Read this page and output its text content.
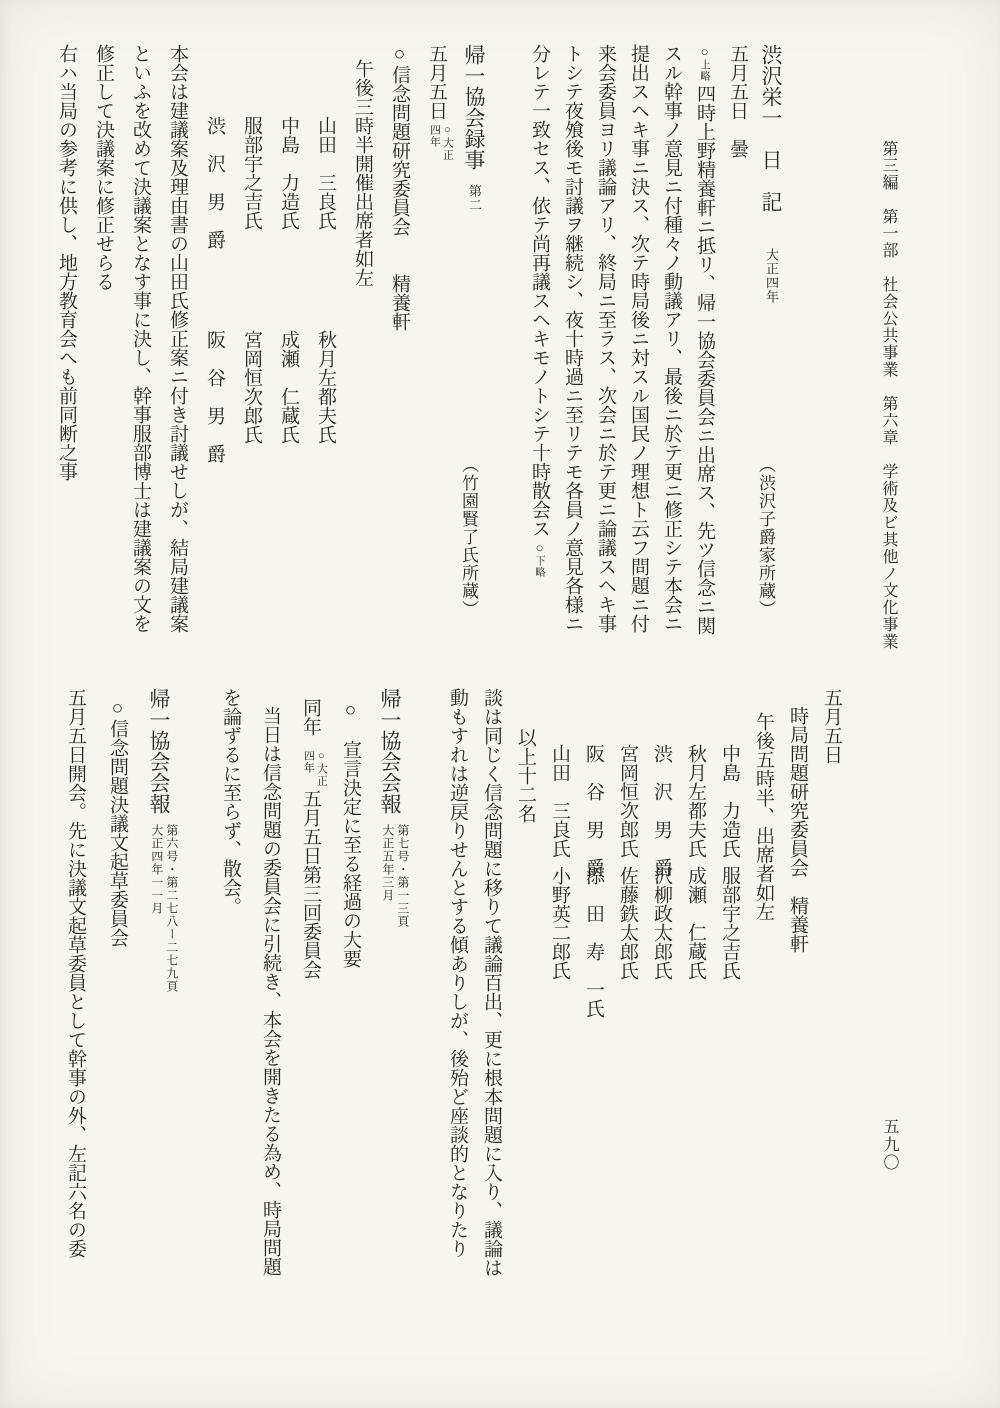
第三編　第一部　社会公共事業　第六章　学術及ビ其他ノ文化事業
五九〇

渋沢栄一　日　記大正四年
（渋沢子爵家所蔵）

五月五日　曇

○上略四時上野精養軒ニ抵リ、帰一協会委員会ニ出席ス、先ツ信念ニ関

スル幹事ノ意見ニ付種々ノ動議アリ、最後ニ於テ更ニ修正シテ本会ニ

提出スヘキ事ニ決ス、次テ時局後ニ対スル国民ノ理想ト云フ問題ニ付

来会委員ヨリ議論アリ、終局ニ至ラス、次会ニ於テ更ニ論議スヘキ事

トシテ夜飧後モ討議ヲ継続シ、夜十時過ニ至リテモ各員ノ意見各様ニ

分レテ一致セス、依テ尚再議スヘキモノトシテ十時散会ス○下略

帰一協会録事第二
（竹園賢了氏所蔵）

五月五日
○大正
四年

○信念問題研究委員会　　精養軒

午後三時半開催出席者如左

山田　三良氏秋月左都夫氏

中島　力造氏成瀬　仁蔵氏

服部宇之吉氏宮岡恒次郎氏

渋　沢　男　爵阪　谷　男　爵

本会は建議案及理由書の山田氏修正案ニ付き討議せしが、結局建議案

といふを改めて決議案となす事に決し、幹事服部博士は建議案の文を

修正して決議案に修正せらる

右ハ当局の参考に供し、地方教育会へも前同断之事

五月五日

時局問題研究委員会　精養軒

午後五時半、出席者如左

中島　力造氏服部宇之吉氏

秋月左都夫氏成瀬　仁蔵氏

渋　沢　男　爵沢柳政太郎氏

宮岡恒次郎氏佐藤鉄太郎氏

阪　谷　男　爵添　田　寿　一氏

山田　三良氏小野英二郎氏

以上十二名

談は同じく信念問題に移りて議論百出、更に根本問題に入り、議論は

動もすれは逆戻りせんとする傾ありしが、後殆ど座談的となりたり

帰一協会会報
第七号・第一三頁
大正五年三月

○　宣言決定に至る経過の大要

同年
○大正
四年
五月五日第三回委員会

当日は信念問題の委員会に引続き、本会を開きたる為め、時局問題

を論ずるに至らず、散会。

帰一協会会報
第六号・第二七八ー二七九頁
大正四年一一月

○信念問題決議文起草委員会

五月五日開会。先に決議文起草委員として幹事の外、左記六名の委
